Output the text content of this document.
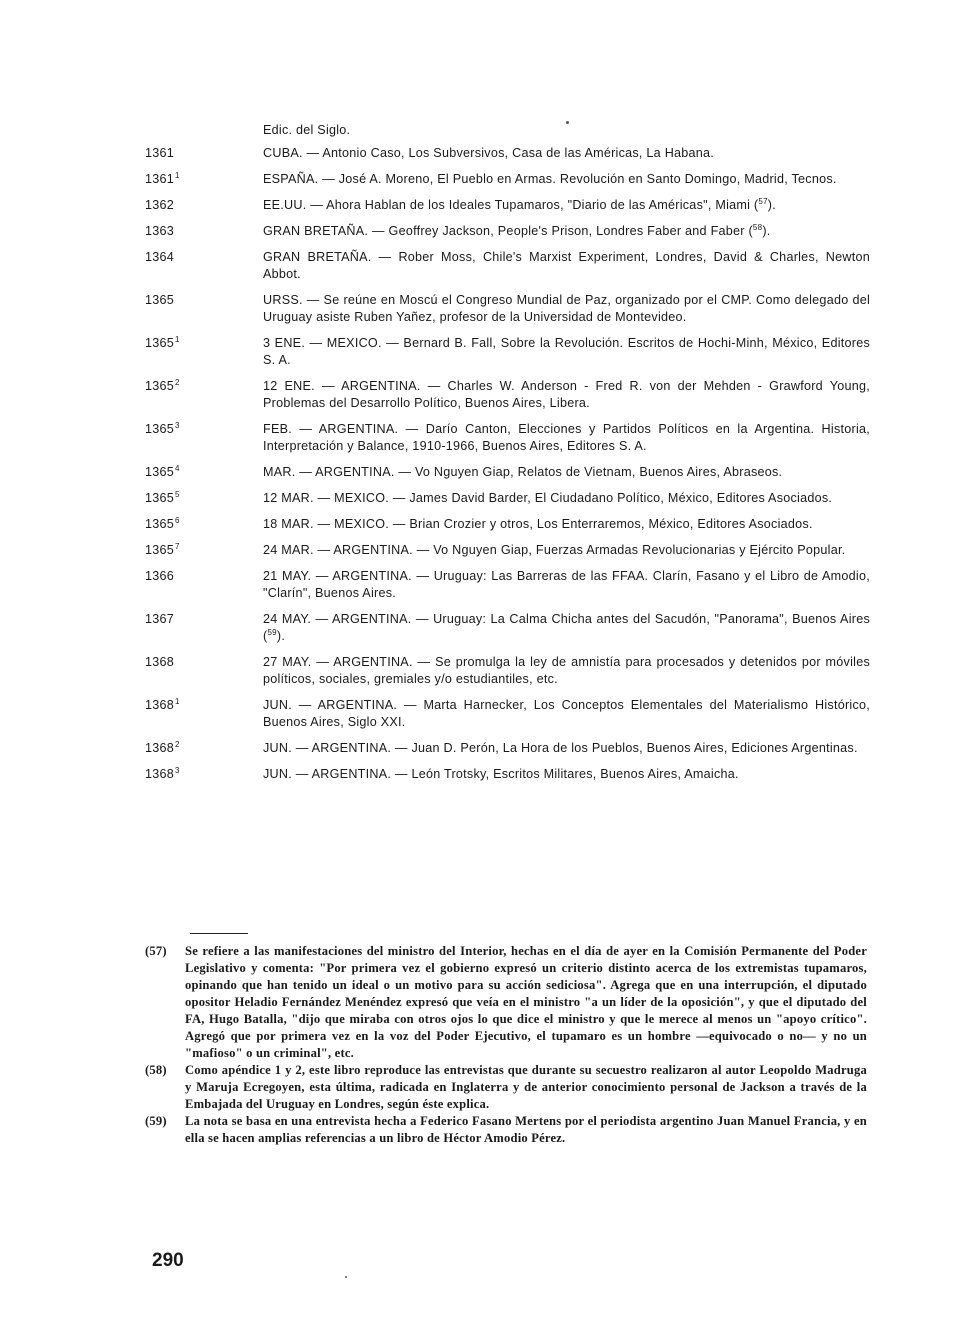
Edic. del Siglo.
1361	CUBA. — Antonio Caso, Los Subversivos, Casa de las Américas, La Habana.
1361$^1$	ESPAÑA. — José A. Moreno, El Pueblo en Armas. Revolución en Santo Domingo, Madrid, Tecnos.
1362	EE.UU. — Ahora Hablan de los Ideales Tupamaros, "Diario de las Américas", Miami ($^{57}$).
1363	GRAN BRETAÑA. — Geoffrey Jackson, People's Prison, Londres Faber and Faber ($^{58}$).
1364	GRAN BRETAÑA. — Rober Moss, Chile's Marxist Experiment, Londres, David & Charles, Newton Abbot.
1365	URSS. — Se reúne en Moscú el Congreso Mundial de Paz, organizado por el CMP. Como delegado del Uruguay asiste Ruben Yañez, profesor de la Universidad de Montevideo.
1365$^1$	3 ENE. — MEXICO. — Bernard B. Fall, Sobre la Revolución. Escritos de Hochi-Minh, México, Editores S. A.
1365$^2$	12 ENE. — ARGENTINA. — Charles W. Anderson - Fred R. von der Mehden - Grawford Young, Problemas del Desarrollo Político, Buenos Aires, Libera.
1365$^3$	FEB. — ARGENTINA. — Darío Canton, Elecciones y Partidos Políticos en la Argentina. Historia, Interpretación y Balance, 1910-1966, Buenos Aires, Editores S. A.
1365$^4$	MAR. — ARGENTINA. — Vo Nguyen Giap, Relatos de Vietnam, Buenos Aires, Abraseos.
1365$^5$	12 MAR. — MEXICO. — James David Barder, El Ciudadano Político, México, Editores Asociados.
1365$^6$	18 MAR. — MEXICO. — Brian Crozier y otros, Los Enterraremos, México, Editores Asociados.
1365$^7$	24 MAR. — ARGENTINA. — Vo Nguyen Giap, Fuerzas Armadas Revolucionarias y Ejército Popular.
1366	21 MAY. — ARGENTINA. — Uruguay: Las Barreras de las FFAA. Clarín, Fasano y el Libro de Amodio, "Clarín", Buenos Aires.
1367	24 MAY. — ARGENTINA. — Uruguay: La Calma Chicha antes del Sacudón, "Panorama", Buenos Aires ($^{59}$).
1368	27 MAY. — ARGENTINA. — Se promulga la ley de amnistía para procesados y detenidos por móviles políticos, sociales, gremiales y/o estudiantiles, etc.
1368$^1$	JUN. — ARGENTINA. — Marta Harnecker, Los Conceptos Elementales del Materialismo Histórico, Buenos Aires, Siglo XXI.
1368$^2$	JUN. — ARGENTINA. — Juan D. Perón, La Hora de los Pueblos, Buenos Aires, Ediciones Argentinas.
1368$^3$	JUN. — ARGENTINA. — León Trotsky, Escritos Militares, Buenos Aires, Amaicha.
(57)	Se refiere a las manifestaciones del ministro del Interior, hechas en el día de ayer en la Comisión Permanente del Poder Legislativo y comenta: "Por primera vez el gobierno expresó un criterio distinto acerca de los extremistas tupamaros, opinando que han tenido un ideal o un motivo para su acción sediciosa". Agrega que en una interrupción, el diputado opositor Heladio Fernández Menéndez expresó que veía en el ministro "a un líder de la oposición", y que el diputado del FA, Hugo Batalla, "dijo que miraba con otros ojos lo que dice el ministro y que le merece al menos un "apoyo crítico". Agregó que por primera vez en la voz del Poder Ejecutivo, el tupamaro es un hombre —equivocado o no— y no un "mafioso" o un criminal", etc.
(58)	Como apéndice 1 y 2, este libro reproduce las entrevistas que durante su secuestro realizaron al autor Leopoldo Madruga y Maruja Ecregoyen, esta última, radicada en Inglaterra y de anterior conocimiento personal de Jackson a través de la Embajada del Uruguay en Londres, según éste explica.
(59)	La nota se basa en una entrevista hecha a Federico Fasano Mertens por el periodista argentino Juan Manuel Francia, y en ella se hacen amplias referencias a un libro de Héctor Amodio Pérez.
290
